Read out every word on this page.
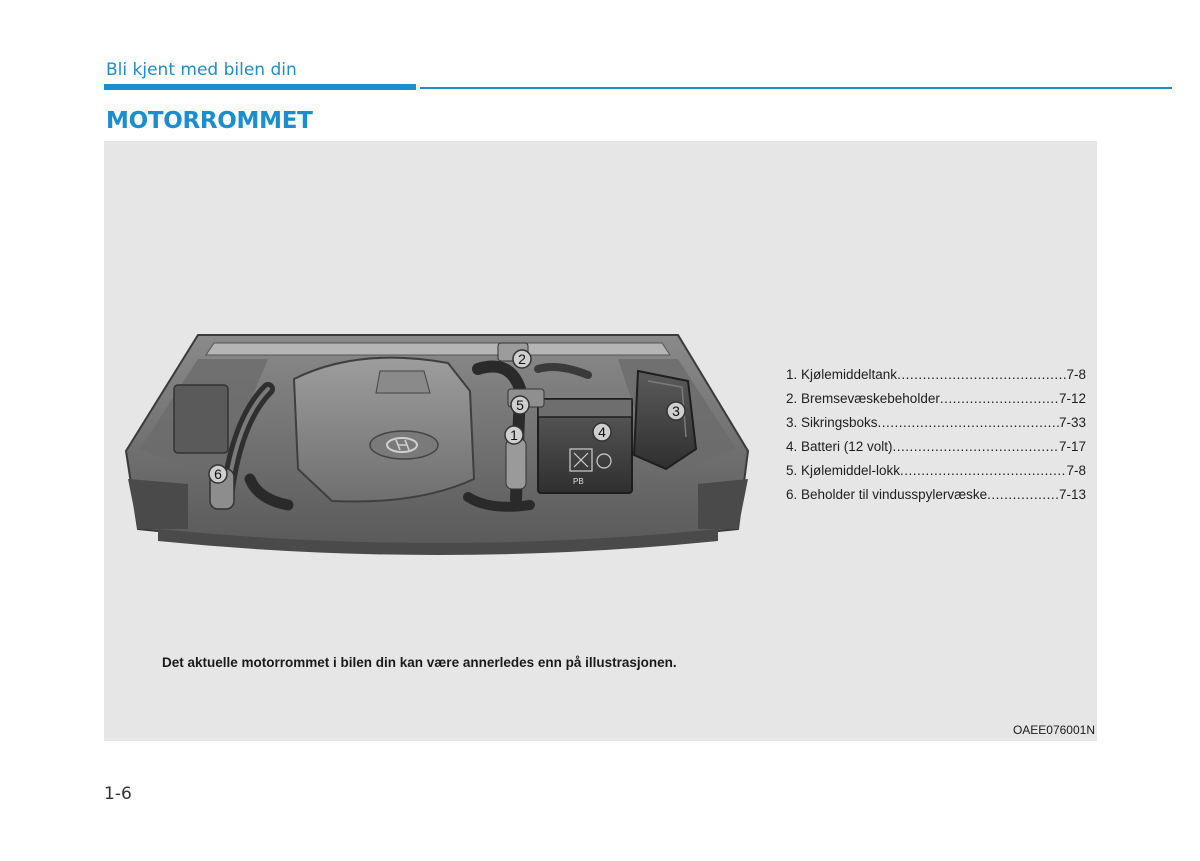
Bli kjent med bilen din
MOTORROMMET
PB
2
5
1	4
3
6
1. Kjølemiddeltank .....	7-8
2. Bremsevæskebeholder .....	7-12
3. Sikringsboks .....	7-33
4. Batteri (12 volt) .....	7-17
5. Kjølemiddel-lokk .....	7-8
6. Beholder til vindusspylervæske .....	7-13

Det aktuelle motorrommet i bilen din kan være annerledes enn på illustrasjonen.

OAEE076001N
1-6
